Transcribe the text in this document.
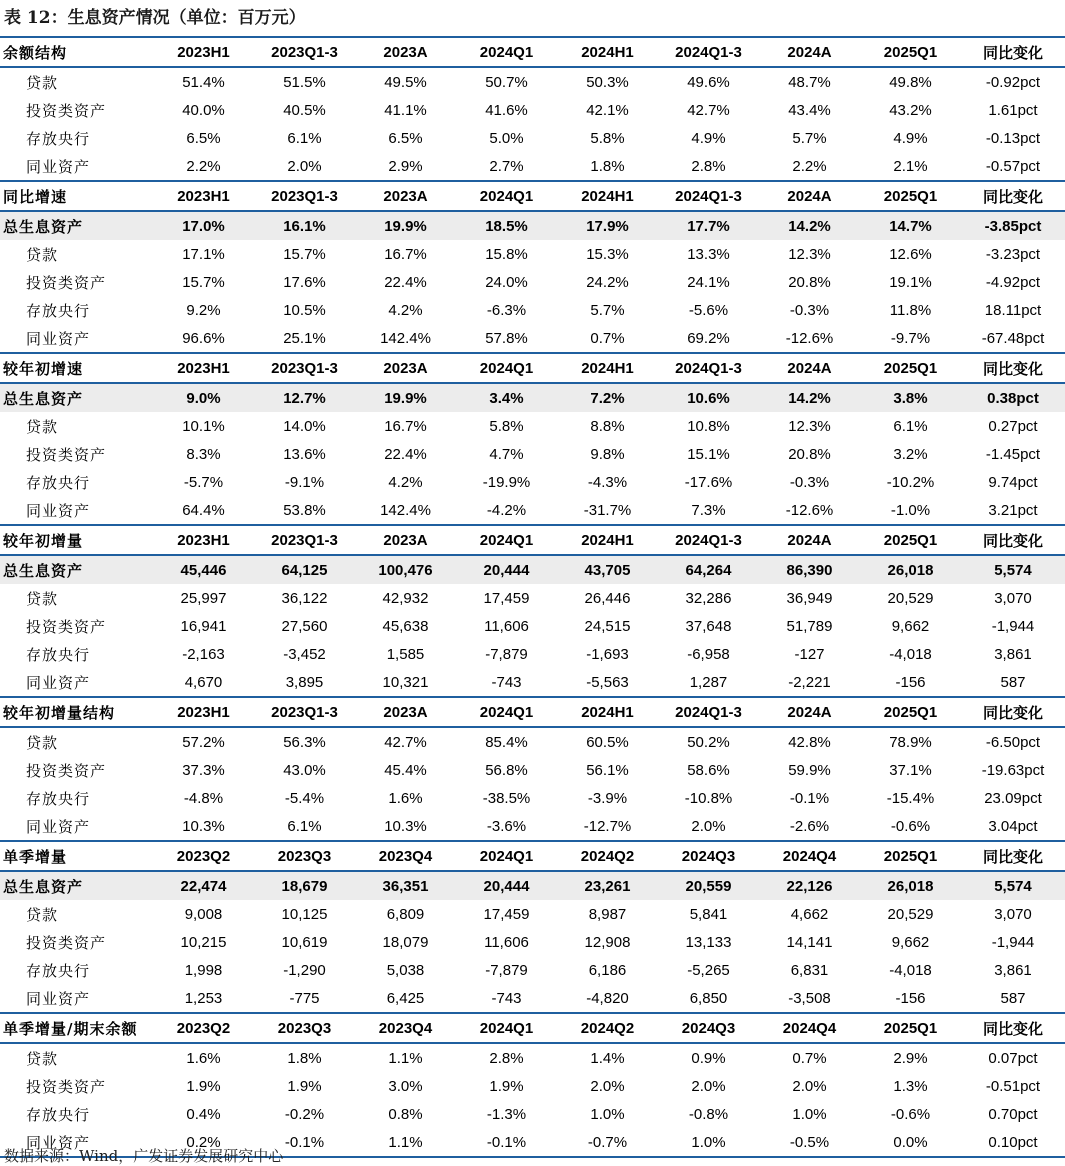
表 12：生息资产情况（单位：百万元）
余额结构	2023H1	2023Q1-3	2023A	2024Q1	2024H1	2024Q1-3	2024A	2025Q1	同比变化
贷款	51.4%	51.5%	49.5%	50.7%	50.3%	49.6%	48.7%	49.8%	-0.92pct
投资类资产	40.0%	40.5%	41.1%	41.6%	42.1%	42.7%	43.4%	43.2%	1.61pct
存放央行	6.5%	6.1%	6.5%	5.0%	5.8%	4.9%	5.7%	4.9%	-0.13pct
同业资产	2.2%	2.0%	2.9%	2.7%	1.8%	2.8%	2.2%	2.1%	-0.57pct
同比增速	2023H1	2023Q1-3	2023A	2024Q1	2024H1	2024Q1-3	2024A	2025Q1	同比变化
总生息资产	17.0%	16.1%	19.9%	18.5%	17.9%	17.7%	14.2%	14.7%	-3.85pct
贷款	17.1%	15.7%	16.7%	15.8%	15.3%	13.3%	12.3%	12.6%	-3.23pct
投资类资产	15.7%	17.6%	22.4%	24.0%	24.2%	24.1%	20.8%	19.1%	-4.92pct
存放央行	9.2%	10.5%	4.2%	-6.3%	5.7%	-5.6%	-0.3%	11.8%	18.11pct
同业资产	96.6%	25.1%	142.4%	57.8%	0.7%	69.2%	-12.6%	-9.7%	-67.48pct
较年初增速	2023H1	2023Q1-3	2023A	2024Q1	2024H1	2024Q1-3	2024A	2025Q1	同比变化
总生息资产	9.0%	12.7%	19.9%	3.4%	7.2%	10.6%	14.2%	3.8%	0.38pct
贷款	10.1%	14.0%	16.7%	5.8%	8.8%	10.8%	12.3%	6.1%	0.27pct
投资类资产	8.3%	13.6%	22.4%	4.7%	9.8%	15.1%	20.8%	3.2%	-1.45pct
存放央行	-5.7%	-9.1%	4.2%	-19.9%	-4.3%	-17.6%	-0.3%	-10.2%	9.74pct
同业资产	64.4%	53.8%	142.4%	-4.2%	-31.7%	7.3%	-12.6%	-1.0%	3.21pct
较年初增量	2023H1	2023Q1-3	2023A	2024Q1	2024H1	2024Q1-3	2024A	2025Q1	同比变化
总生息资产	45,446	64,125	100,476	20,444	43,705	64,264	86,390	26,018	5,574
贷款	25,997	36,122	42,932	17,459	26,446	32,286	36,949	20,529	3,070
投资类资产	16,941	27,560	45,638	11,606	24,515	37,648	51,789	9,662	-1,944
存放央行	-2,163	-3,452	1,585	-7,879	-1,693	-6,958	-127	-4,018	3,861
同业资产	4,670	3,895	10,321	-743	-5,563	1,287	-2,221	-156	587
较年初增量结构	2023H1	2023Q1-3	2023A	2024Q1	2024H1	2024Q1-3	2024A	2025Q1	同比变化
贷款	57.2%	56.3%	42.7%	85.4%	60.5%	50.2%	42.8%	78.9%	-6.50pct
投资类资产	37.3%	43.0%	45.4%	56.8%	56.1%	58.6%	59.9%	37.1%	-19.63pct
存放央行	-4.8%	-5.4%	1.6%	-38.5%	-3.9%	-10.8%	-0.1%	-15.4%	23.09pct
同业资产	10.3%	6.1%	10.3%	-3.6%	-12.7%	2.0%	-2.6%	-0.6%	3.04pct
单季增量	2023Q2	2023Q3	2023Q4	2024Q1	2024Q2	2024Q3	2024Q4	2025Q1	同比变化
总生息资产	22,474	18,679	36,351	20,444	23,261	20,559	22,126	26,018	5,574
贷款	9,008	10,125	6,809	17,459	8,987	5,841	4,662	20,529	3,070
投资类资产	10,215	10,619	18,079	11,606	12,908	13,133	14,141	9,662	-1,944
存放央行	1,998	-1,290	5,038	-7,879	6,186	-5,265	6,831	-4,018	3,861
同业资产	1,253	-775	6,425	-743	-4,820	6,850	-3,508	-156	587
单季增量/期末余额	2023Q2	2023Q3	2023Q4	2024Q1	2024Q2	2024Q3	2024Q4	2025Q1	同比变化
贷款	1.6%	1.8%	1.1%	2.8%	1.4%	0.9%	0.7%	2.9%	0.07pct
投资类资产	1.9%	1.9%	3.0%	1.9%	2.0%	2.0%	2.0%	1.3%	-0.51pct
存放央行	0.4%	-0.2%	0.8%	-1.3%	1.0%	-0.8%	1.0%	-0.6%	0.70pct
同业资产	0.2%	-0.1%	1.1%	-0.1%	-0.7%	1.0%	-0.5%	0.0%	0.10pct
数据来源：Wind，广发证券发展研究中心
